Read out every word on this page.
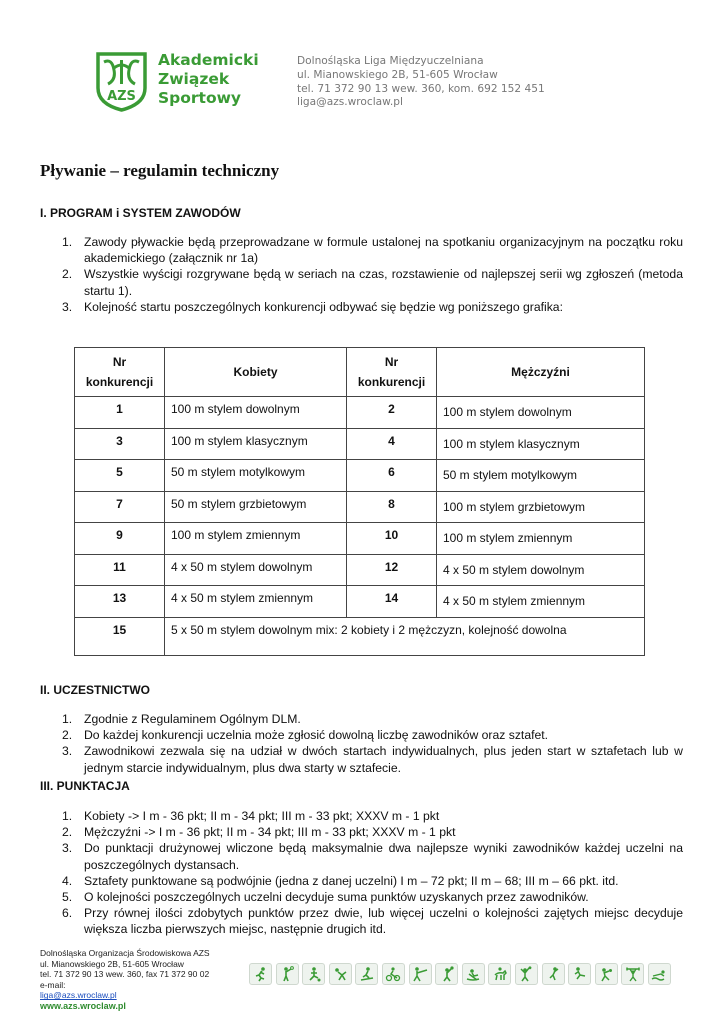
AZS
Akademicki
Związek
Sportowy
Dolnośląska Liga Międzyuczelniana
ul. Mianowskiego 2B, 51-605 Wrocław
tel. 71 372 90 13 wew. 360, kom. 692 152 451
liga@azs.wroclaw.pl
Pływanie – regulamin techniczny
I. PROGRAM i SYSTEM ZAWODÓW
1. Zawody pływackie będą przeprowadzane w formule ustalonej na spotkaniu organizacyjnym na początku roku akademickiego (załącznik nr 1a)
2. Wszystkie wyścigi rozgrywane będą w seriach na czas, rozstawienie od najlepszej serii wg zgłoszeń (metoda startu 1).
3. Kolejność startu poszczególnych konkurencji odbywać się będzie wg poniższego grafika:
Nr konkurencji	Kobiety	Nr konkurencji	Mężczyźni
1	100 m stylem dowolnym	2	100 m stylem dowolnym
3	100 m stylem klasycznym	4	100 m stylem klasycznym
5	50 m stylem motylkowym	6	50 m stylem motylkowym
7	50 m stylem grzbietowym	8	100 m stylem grzbietowym
9	100 m stylem zmiennym	10	100 m stylem zmiennym
11	4 x 50 m stylem dowolnym	12	4 x 50 m stylem dowolnym
13	4 x 50 m stylem zmiennym	14	4 x 50 m stylem zmiennym
15	5 x 50 m stylem dowolnym mix: 2 kobiety i 2 mężczyzn, kolejność dowolna		
II. UCZESTNICTWO
1. Zgodnie z Regulaminem Ogólnym DLM.
2. Do każdej konkurencji uczelnia może zgłosić dowolną liczbę zawodników oraz sztafet.
3. Zawodnikowi zezwala się na udział w dwóch startach indywidualnych, plus jeden start w sztafetach lub w jednym starcie indywidualnym, plus dwa starty w sztafecie.
III. PUNKTACJA
1. Kobiety -> I m - 36 pkt; II m - 34 pkt; III m - 33 pkt; XXXV m - 1 pkt
2. Mężczyźni -> I m - 36 pkt; II m - 34 pkt; III m - 33 pkt; XXXV m - 1 pkt
3. Do punktacji drużynowej wliczone będą maksymalnie dwa najlepsze wyniki zawodników każdej uczelni na poszczególnych dystansach.
4. Sztafety punktowane są podwójnie (jedna z danej uczelni) I m – 72 pkt; II m – 68; III m – 66 pkt. itd.
5. O kolejności poszczególnych uczelni decyduje suma punktów uzyskanych przez zawodników.
6. Przy równej ilości zdobytych punktów przez dwie, lub więcej uczelni o kolejności zajętych miejsc decyduje większa liczba pierwszych miejsc, następnie drugich itd.
Dolnośląska Organizacja Środowiskowa AZS
ul. Mianowskiego 2B, 51-605 Wrocław
tel. 71 372 90 13 wew. 360, fax 71 372 90 02
e-mail:
liga@azs.wroclaw.pl
www.azs.wroclaw.pl
